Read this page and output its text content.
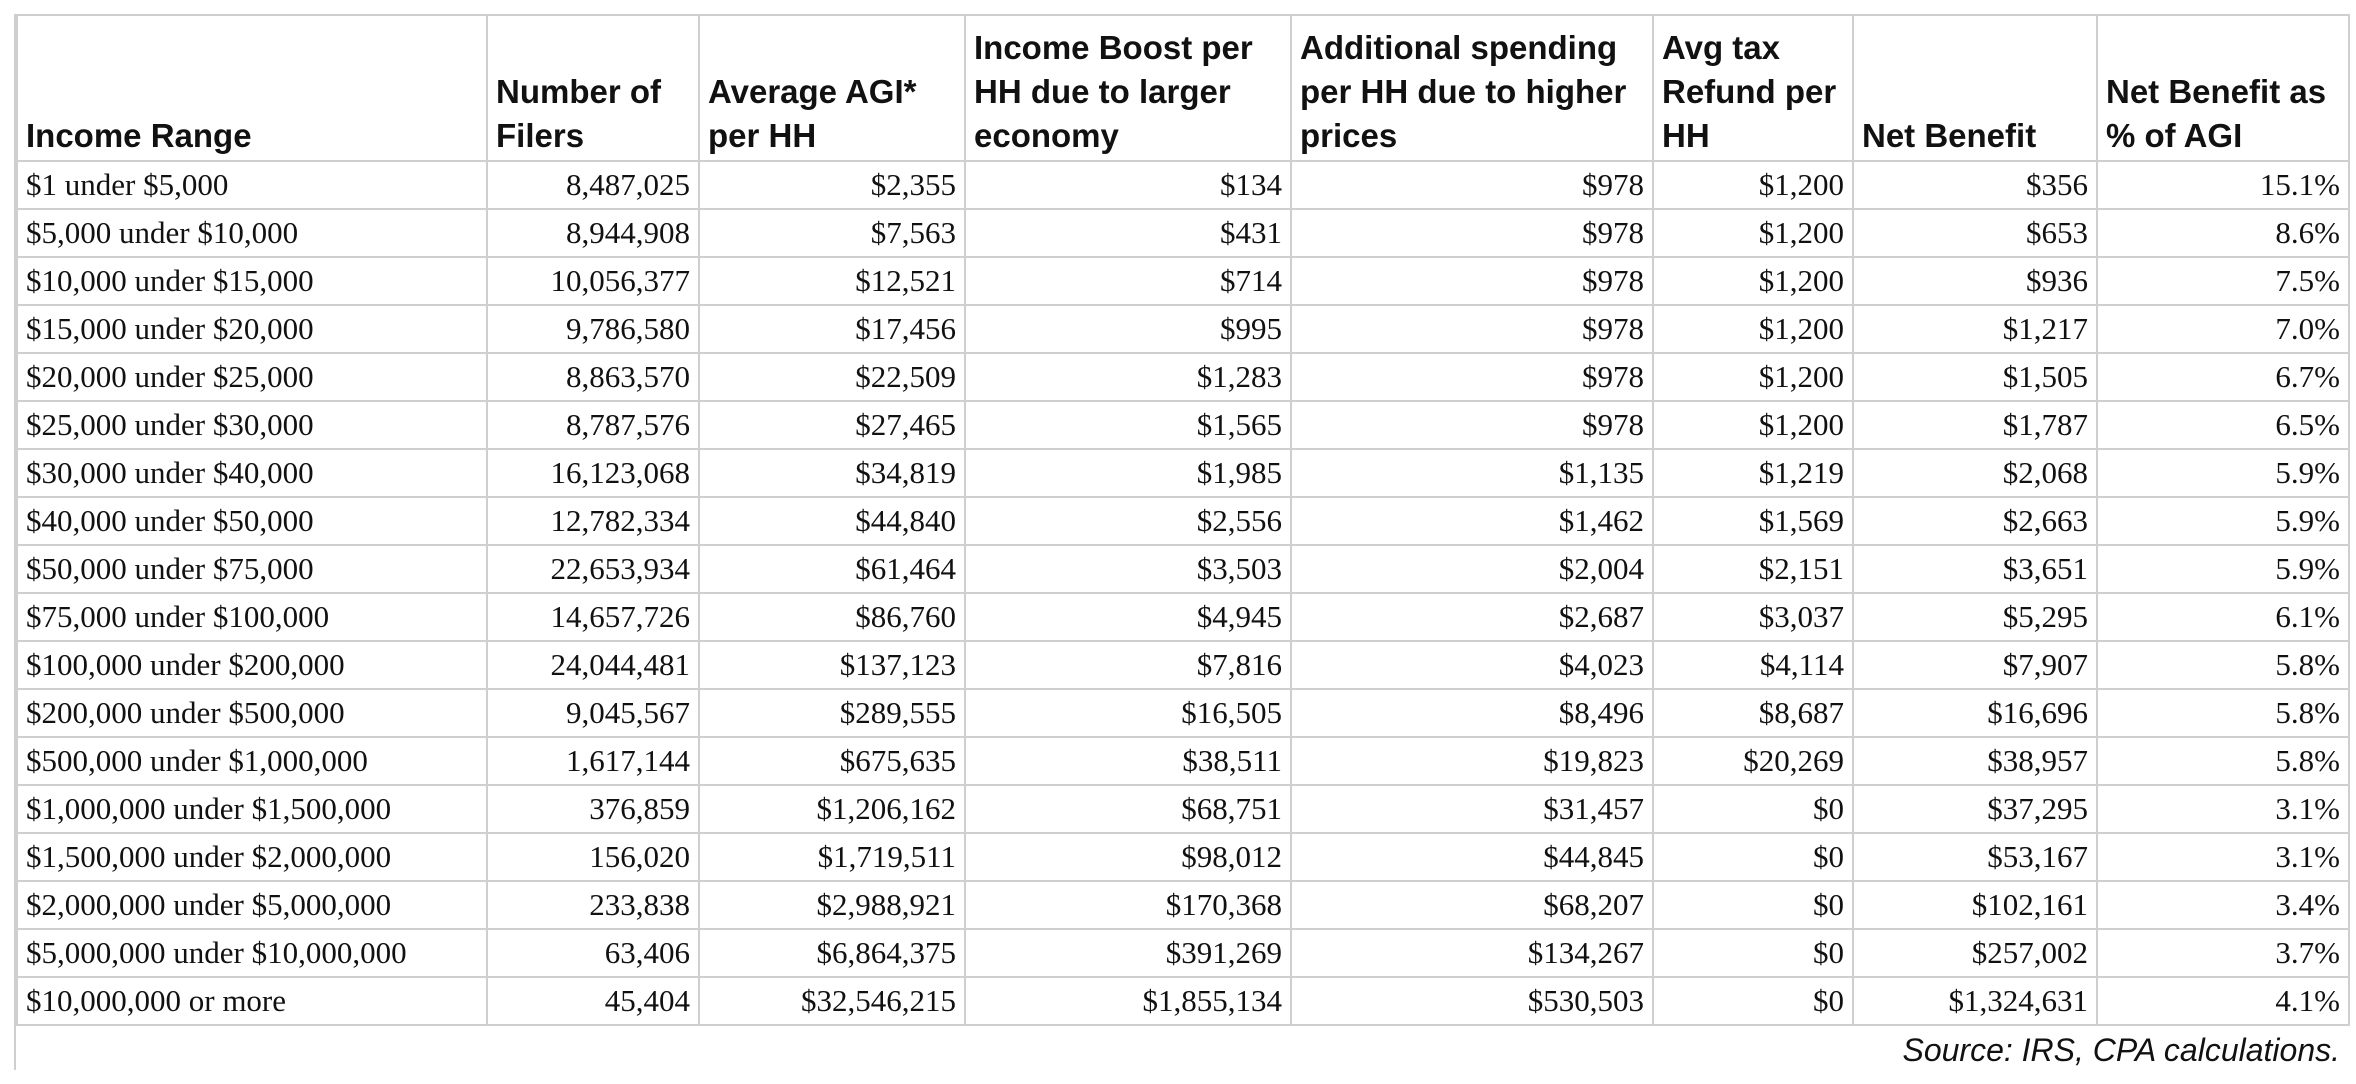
Income Range	Number of Filers	Average AGI* per HH	Income Boost per HH due to larger economy	Additional spending per HH due to higher prices	Avg tax Refund per HH	Net Benefit	Net Benefit as % of AGI
$1 under $5,000	8,487,025	$2,355	$134	$978	$1,200	$356	15.1%
$5,000 under $10,000	8,944,908	$7,563	$431	$978	$1,200	$653	8.6%
$10,000 under $15,000	10,056,377	$12,521	$714	$978	$1,200	$936	7.5%
$15,000 under $20,000	9,786,580	$17,456	$995	$978	$1,200	$1,217	7.0%
$20,000 under $25,000	8,863,570	$22,509	$1,283	$978	$1,200	$1,505	6.7%
$25,000 under $30,000	8,787,576	$27,465	$1,565	$978	$1,200	$1,787	6.5%
$30,000 under $40,000	16,123,068	$34,819	$1,985	$1,135	$1,219	$2,068	5.9%
$40,000 under $50,000	12,782,334	$44,840	$2,556	$1,462	$1,569	$2,663	5.9%
$50,000 under $75,000	22,653,934	$61,464	$3,503	$2,004	$2,151	$3,651	5.9%
$75,000 under $100,000	14,657,726	$86,760	$4,945	$2,687	$3,037	$5,295	6.1%
$100,000 under $200,000	24,044,481	$137,123	$7,816	$4,023	$4,114	$7,907	5.8%
$200,000 under $500,000	9,045,567	$289,555	$16,505	$8,496	$8,687	$16,696	5.8%
$500,000 under $1,000,000	1,617,144	$675,635	$38,511	$19,823	$20,269	$38,957	5.8%
$1,000,000 under $1,500,000	376,859	$1,206,162	$68,751	$31,457	$0	$37,295	3.1%
$1,500,000 under $2,000,000	156,020	$1,719,511	$98,012	$44,845	$0	$53,167	3.1%
$2,000,000 under $5,000,000	233,838	$2,988,921	$170,368	$68,207	$0	$102,161	3.4%
$5,000,000 under $10,000,000	63,406	$6,864,375	$391,269	$134,267	$0	$257,002	3.7%
$10,000,000 or more	45,404	$32,546,215	$1,855,134	$530,503	$0	$1,324,631	4.1%
Source: IRS, CPA calculations.
